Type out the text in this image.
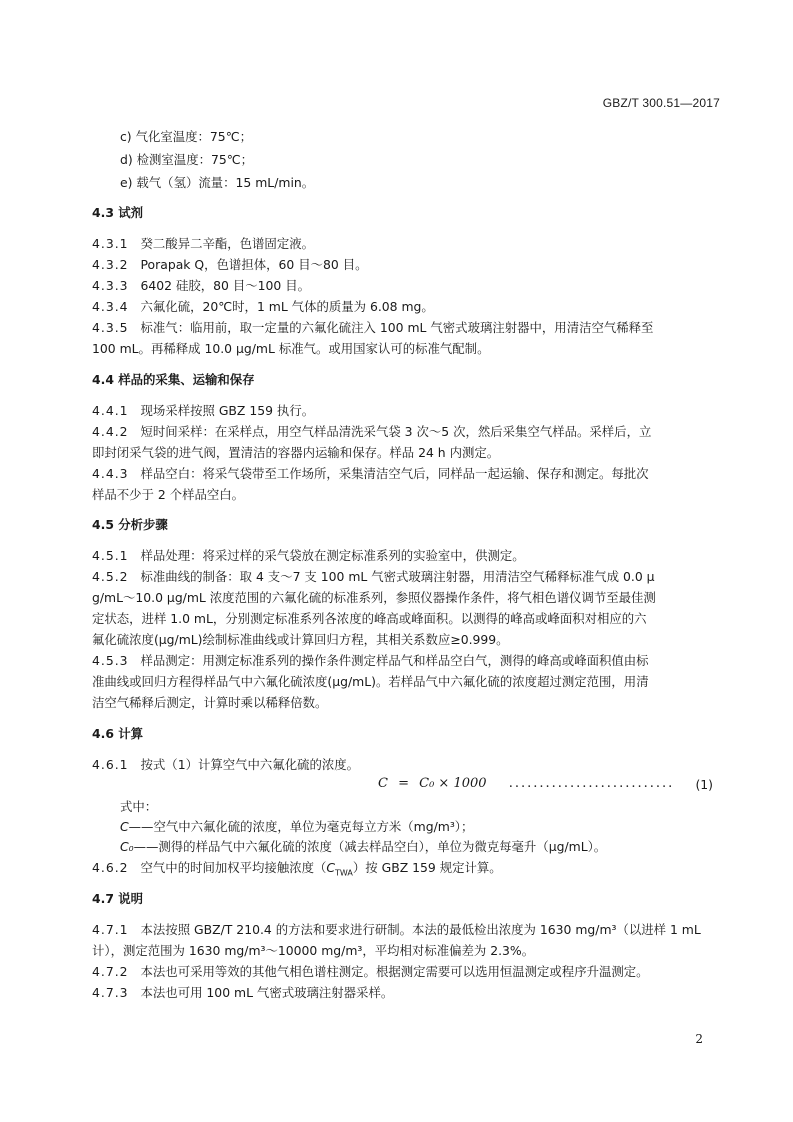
GBZ/T 300.51—2017
c) 气化室温度：75℃；
d) 检测室温度：75℃；
e) 载气（氢）流量：15 mL/min。
4.3 试剂
4.3.1 癸二酸异二辛酯，色谱固定液。
4.3.2 Porapak Q，色谱担体，60 目～80 目。
4.3.3 6402 硅胶，80 目～100 目。
4.3.4 六氟化硫，20℃时，1 mL 气体的质量为 6.08 mg。
4.3.5 标准气：临用前，取一定量的六氟化硫注入 100 mL 气密式玻璃注射器中，用清洁空气稀释至
100 mL。再稀释成 10.0 μg/mL 标准气。或用国家认可的标准气配制。
4.4 样品的采集、运输和保存
4.4.1 现场采样按照 GBZ 159 执行。
4.4.2 短时间采样：在采样点，用空气样品清洗采气袋 3 次～5 次，然后采集空气样品。采样后，立
即封闭采气袋的进气阀，置清洁的容器内运输和保存。样品 24 h 内测定。
4.4.3 样品空白：将采气袋带至工作场所，采集清洁空气后，同样品一起运输、保存和测定。每批次
样品不少于 2 个样品空白。
4.5 分析步骤
4.5.1 样品处理：将采过样的采气袋放在测定标准系列的实验室中，供测定。
4.5.2 标准曲线的制备：取 4 支～7 支 100 mL 气密式玻璃注射器，用清洁空气稀释标准气成 0.0 μ
g/mL～10.0 μg/mL 浓度范围的六氟化硫的标准系列，参照仪器操作条件，将气相色谱仪调节至最佳测
定状态，进样 1.0 mL，分别测定标准系列各浓度的峰高或峰面积。以测得的峰高或峰面积对相应的六
氟化硫浓度(μg/mL)绘制标准曲线或计算回归方程，其相关系数应≥0.999。
4.5.3 样品测定：用测定标准系列的操作条件测定样品气和样品空白气，测得的峰高或峰面积值由标
准曲线或回归方程得样品气中六氟化硫浓度(μg/mL)。若样品气中六氟化硫的浓度超过测定范围，用清
洁空气稀释后测定，计算时乘以稀释倍数。
4.6 计算
4.6.1 按式（1）计算空气中六氟化硫的浓度。
C = C₀ × 1000 ........................... (1)
式中：
C——空气中六氟化硫的浓度，单位为毫克每立方米（mg/m³）；
C₀——测得的样品气中六氟化硫的浓度（减去样品空白），单位为微克每毫升（μg/mL）。
4.6.2 空气中的时间加权平均接触浓度$(C_{TWA})$按 GBZ 159 规定计算。
4.7 说明
4.7.1 本法按照 GBZ/T 210.4 的方法和要求进行研制。本法的最低检出浓度为 1630 mg/m³（以进样 1 mL
计），测定范围为 1630 mg/m³～10000 mg/m³，平均相对标准偏差为 2.3%。
4.7.2 本法也可采用等效的其他气相色谱柱测定。根据测定需要可以选用恒温测定或程序升温测定。
4.7.3 本法也可用 100 mL 气密式玻璃注射器采样。
2
